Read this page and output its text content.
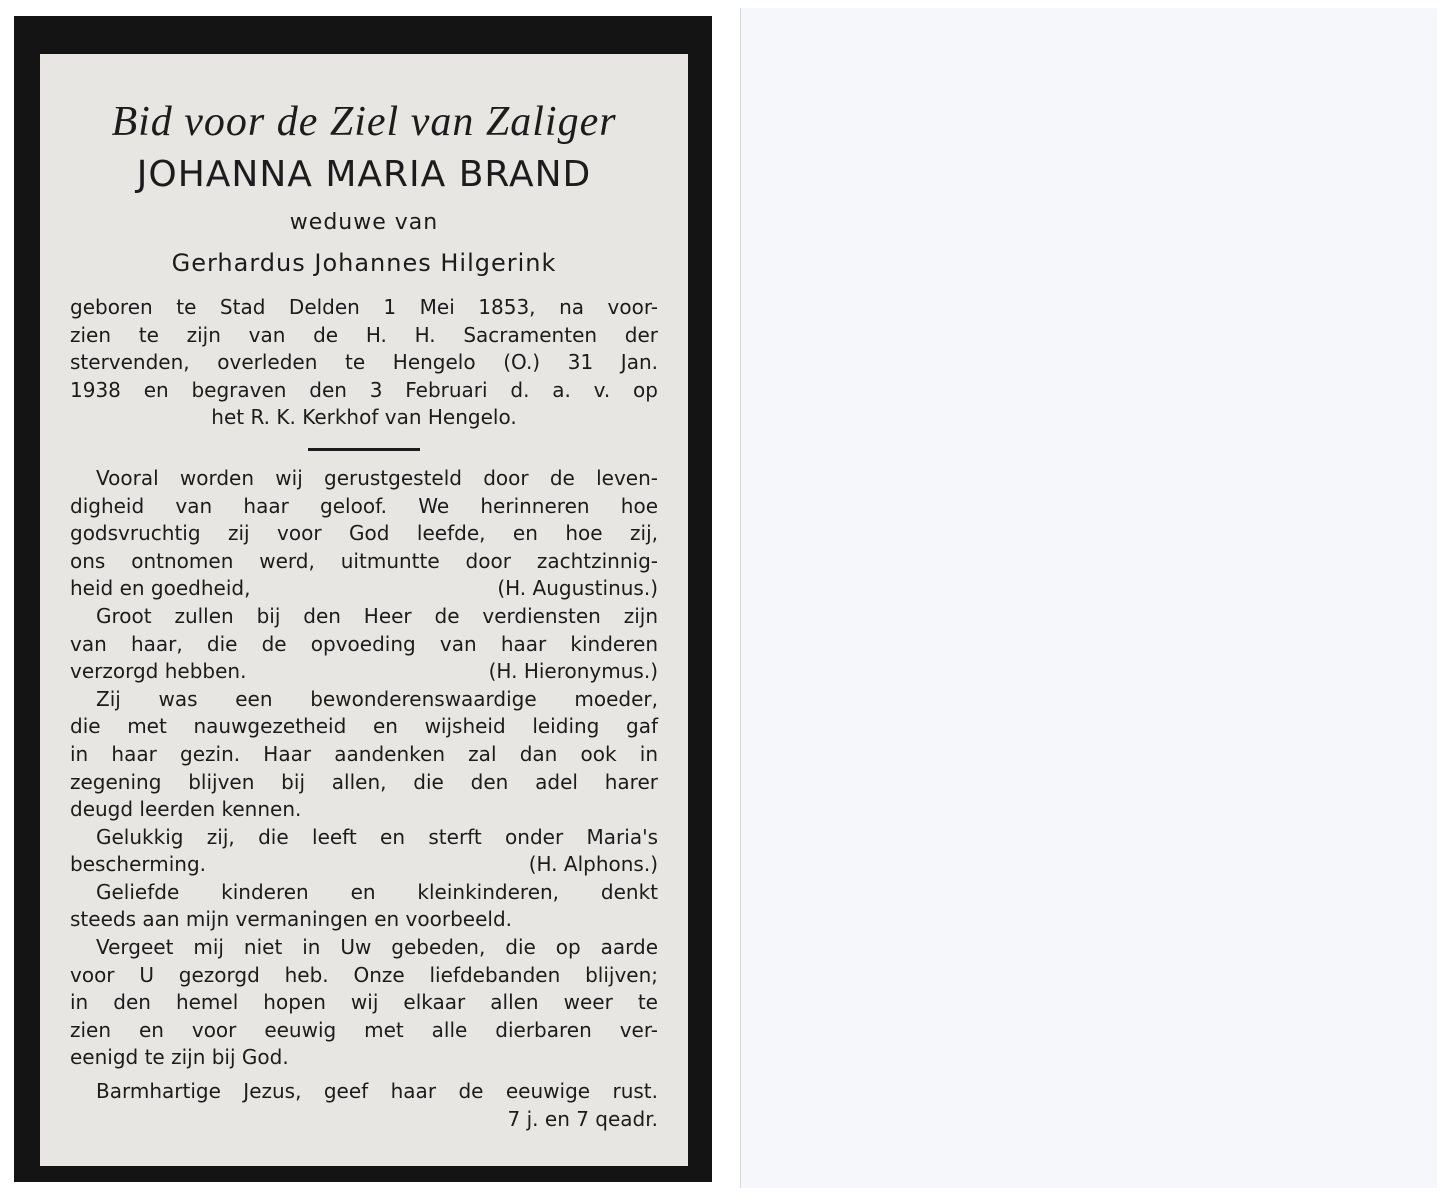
Bid voor de Ziel van Zaliger
JOHANNA MARIA BRAND
weduwe van
Gerhardus Johannes Hilgerink
geboren te Stad Delden 1 Mei 1853, na voor-
zien te zijn van de H. H. Sacramenten der
stervenden, overleden te Hengelo (O.) 31 Jan.
1938 en begraven den 3 Februari d. a. v. op
het R. K. Kerkhof van Hengelo.
Vooral worden wij gerustgesteld door de leven-
digheid van haar geloof. We herinneren hoe
godsvruchtig zij voor God leefde, en hoe zij,
ons ontnomen werd, uitmuntte door zachtzinnig-
heid en goedheid,	(H. Augustinus.)
Groot zullen bij den Heer de verdiensten zijn
van haar, die de opvoeding van haar kinderen
verzorgd hebben.	(H. Hieronymus.)
Zij was een bewonderenswaardige moeder,
die met nauwgezetheid en wijsheid leiding gaf
in haar gezin. Haar aandenken zal dan ook in
zegening blijven bij allen, die den adel harer
deugd leerden kennen.
Gelukkig zij, die leeft en sterft onder Maria's
bescherming.	(H. Alphons.)
Geliefde kinderen en kleinkinderen, denkt
steeds aan mijn vermaningen en voorbeeld.
Vergeet mij niet in Uw gebeden, die op aarde
voor U gezorgd heb. Onze liefdebanden blijven;
in den hemel hopen wij elkaar allen weer te
zien en voor eeuwig met alle dierbaren ver-
eenigd te zijn bij God.
Barmhartige Jezus, geef haar de eeuwige rust.
7 j. en 7 qeadr.
